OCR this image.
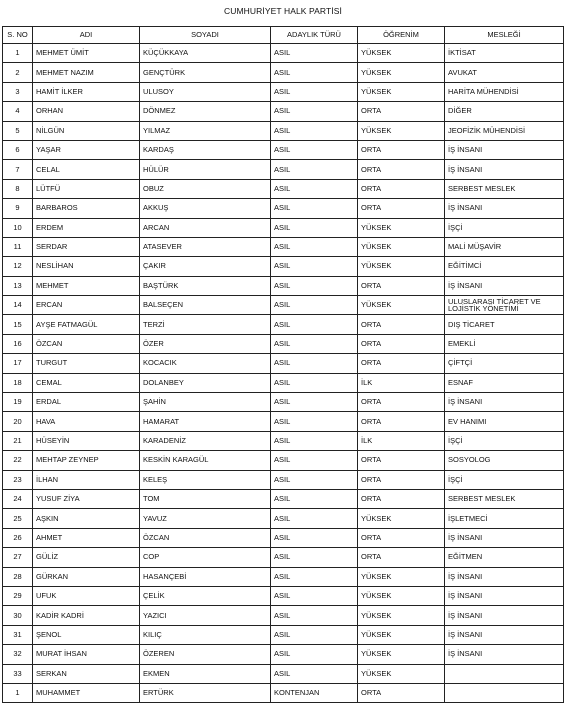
CUMHURİYET HALK PARTİSİ
S. NO	ADI	SOYADI	ADAYLIK TÜRÜ	ÖĞRENİM	MESLEĞİ
1	MEHMET ÜMİT	KÜÇÜKKAYA	ASIL	YÜKSEK	İKTİSAT
2	MEHMET NAZIM	GENÇTÜRK	ASIL	YÜKSEK	AVUKAT
3	HAMİT İLKER	ULUSOY	ASIL	YÜKSEK	HARİTA MÜHENDİSİ
4	ORHAN	DÖNMEZ	ASIL	ORTA	DİĞER
5	NİLGÜN	YILMAZ	ASIL	YÜKSEK	JEOFİZİK MÜHENDİSİ
6	YAŞAR	KARDAŞ	ASIL	ORTA	İŞ İNSANI
7	CELAL	HÜLÜR	ASIL	ORTA	İŞ İNSANI
8	LÜTFÜ	OBUZ	ASIL	ORTA	SERBEST MESLEK
9	BARBAROS	AKKUŞ	ASIL	ORTA	İŞ İNSANI
10	ERDEM	ARCAN	ASIL	YÜKSEK	İŞÇİ
11	SERDAR	ATASEVER	ASIL	YÜKSEK	MALİ MÜŞAVİR
12	NESLİHAN	ÇAKIR	ASIL	YÜKSEK	EĞİTİMCİ
13	MEHMET	BAŞTÜRK	ASIL	ORTA	İŞ İNSANI
14	ERCAN	BALSEÇEN	ASIL	YÜKSEK	ULUSLARASI TİCARET VE LOJİSTİK YÖNETİMİ
15	AYŞE FATMAGÜL	TERZİ	ASIL	ORTA	DIŞ TİCARET
16	ÖZCAN	ÖZER	ASIL	ORTA	EMEKLİ
17	TURGUT	KOCACIK	ASIL	ORTA	ÇİFTÇİ
18	CEMAL	DOLANBEY	ASIL	İLK	ESNAF
19	ERDAL	ŞAHİN	ASIL	ORTA	İŞ İNSANI
20	HAVA	HAMARAT	ASIL	ORTA	EV HANIMI
21	HÜSEYİN	KARADENİZ	ASIL	İLK	İŞÇİ
22	MEHTAP ZEYNEP	KESKİN KARAGÜL	ASIL	ORTA	SOSYOLOG
23	İLHAN	KELEŞ	ASIL	ORTA	İŞÇİ
24	YUSUF ZİYA	TOM	ASIL	ORTA	SERBEST MESLEK
25	AŞKIN	YAVUZ	ASIL	YÜKSEK	İŞLETMECİ
26	AHMET	ÖZCAN	ASIL	ORTA	İŞ İNSANI
27	GÜLİZ	COP	ASIL	ORTA	EĞİTMEN
28	GÜRKAN	HASANÇEBİ	ASIL	YÜKSEK	İŞ İNSANI
29	UFUK	ÇELİK	ASIL	YÜKSEK	İŞ İNSANI
30	KADİR KADRİ	YAZICI	ASIL	YÜKSEK	İŞ İNSANI
31	ŞENOL	KILIÇ	ASIL	YÜKSEK	İŞ İNSANI
32	MURAT İHSAN	ÖZEREN	ASIL	YÜKSEK	İŞ İNSANI
33	SERKAN	EKMEN	ASIL	YÜKSEK	
1	MUHAMMET	ERTÜRK	KONTENJAN	ORTA	
